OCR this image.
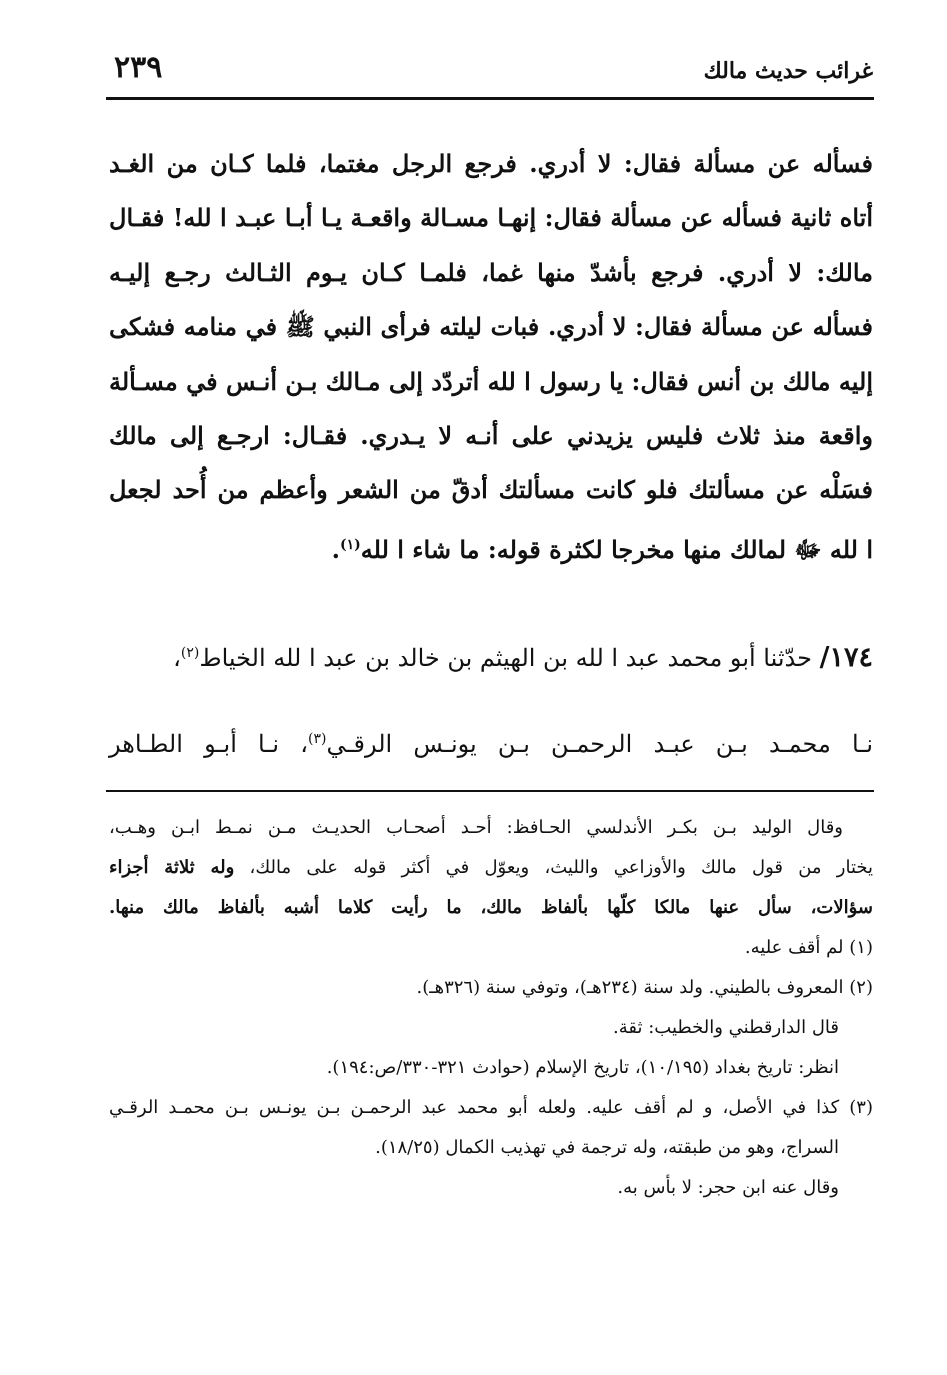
غرائب حديث مالك
٢٣٩
فسأله عن مسألة فقال: لا أدري. فرجع الرجل مغتما، فلما كـان من الغـد
أتاه ثانية فسأله عن مسألة فقال: إنهـا مسـالة واقعـة يـا أبـا عبـد ا لله! فقـال
مالك: لا أدري. فرجع بأشدّ منها غما، فلمـا كـان يـوم الثـالث رجـع إليـه
فسأله عن مسألة فقال: لا أدري. فبات ليلته فرأى النبي ﷺ في منامه فشكى
إليه مالك بن أنس فقال: يا رسول ا لله أتردّد إلى مـالك بـن أنـس في مسـألة
واقعة منذ ثلاث فليس يزيدني على أنـه لا يـدري. فقـال: ارجـع إلى مالك
فسَلْه عن مسألتك فلو كانت مسألتك أدقّ من الشعر وأعظم من أُحد لجعل
ا لله ﷻ لمالك منها مخرجا لكثرة قوله: ما شاء ا لله$^{(١)}$.
١٧٤/ حدّثنا أبو محمد عبد ا لله بن الهيثم بن خالد بن عبد ا لله الخياط$^{(٢)}$،
نـا محمـد بـن عبـد الرحمـن بـن يونـس الرقـي$^{(٣)}$، نـا أبـو الطـاهر
وقال الوليد بـن بكـر الأندلسي الحـافظ: أحـد أصحـاب الحديـث مـن نمـط ابـن وهـب،
يختار من قول مالك والأوزاعي والليث، ويعوّل في أكثر قوله على مالك، وله ثلاثة أجزاء
سؤالات، سأل عنها مالكا كلّها بألفاظ مالك، ما رأيت كلاما أشبه بألفاظ مالك منها.
(١) لم أقف عليه.
(٢) المعروف بالطيني. ولد سنة (٢٣٤هـ)، وتوفي سنة (٣٢٦هـ).
قال الدارقطني والخطيب: ثقة.
انظر: تاريخ بغداد (١٠/١٩٥)، تاريخ الإسلام (حوادث ٣٢١-٣٣٠/ص:١٩٤).
(٣) كذا في الأصل، و لم أقف عليه. ولعله أبو محمد عبد الرحمـن بـن يونـس بـن محمـد الرقـي
السراج، وهو من طبقته، وله ترجمة في تهذيب الكمال (١٨/٢٥).
وقال عنه ابن حجر: لا بأس به.
